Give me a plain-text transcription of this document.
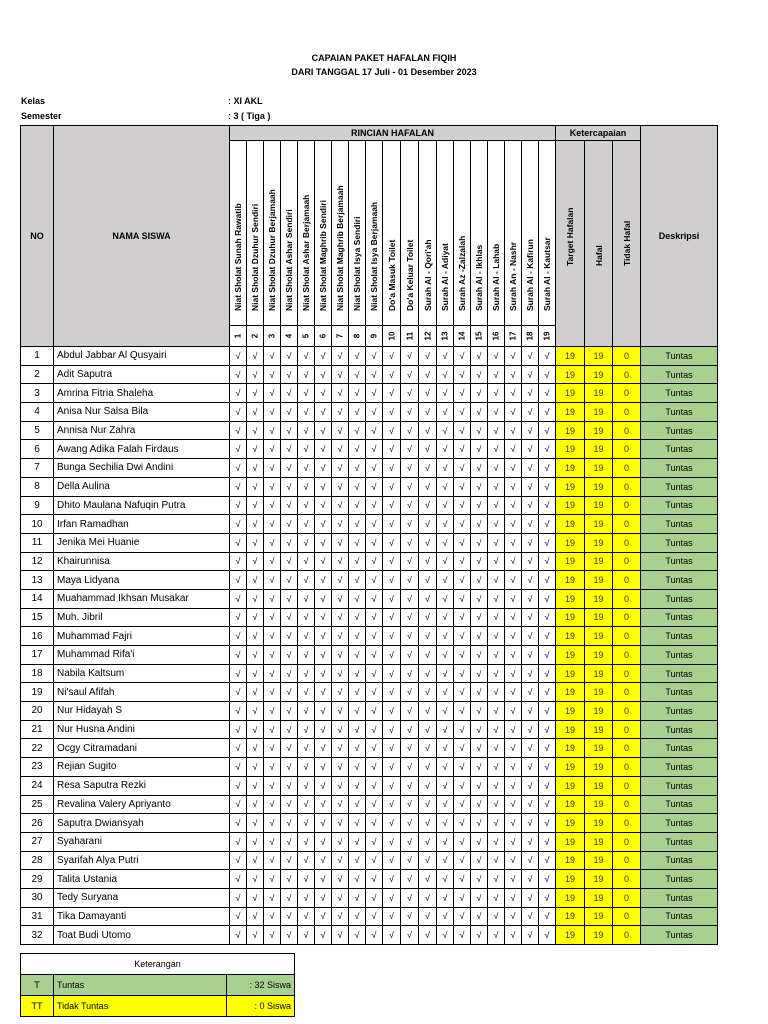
CAPAIAN PAKET HAFALAN FIQIH
DARI TANGGAL 17 Juli - 01 Desember 2023
Kelas	: XI AKL
Semester	: 3 ( Tiga )
NO	NAMA SISWA	RINCIAN HAFALAN																			Ketercapaian			Deskripsi

		Niat Sholat Sunah Rawatib	Niat Sholat Dzuhur Sendiri	Niat Sholat Dzuhur Berjamaah	Niat Sholat Ashar Sendiri	Niat Sholat Ashar Berjamaah	Niat Sholat Maghrib Sendiri	Niat Sholat Maghrib Berjamaah	Niat Sholat Isya Sendiri	Niat Sholat Isya Berjamaah	Do'a Masuk Toilet	Do'a Keluar Toilet	Surah Al - Qori'ah	Surah Al - Adiyat	Surah Az -Zalzalah	Surah Al - Ikhlas	Surah Al - Lahab	Surah An - Nashr	Surah Al - Kafirun	Surah Al - Kautsar	Target Hafalan	Hafal	Tidak Hafal	

		1	2	3	4	5	6	7	8	9	10	11	12	13	14	15	16	17	18	19				

1	Abdul Jabbar Al Qusyairi	√	√	√	√	√	√	√	√	√	√	√	√	√	√	√	√	√	√	√	19	19	0	Tuntas
2	Adit Saputra	√	√	√	√	√	√	√	√	√	√	√	√	√	√	√	√	√	√	√	19	19	0	Tuntas
3	Amrina Fitria Shaleha	√	√	√	√	√	√	√	√	√	√	√	√	√	√	√	√	√	√	√	19	19	0	Tuntas
4	Anisa Nur Salsa Bila	√	√	√	√	√	√	√	√	√	√	√	√	√	√	√	√	√	√	√	19	19	0	Tuntas
5	Annisa Nur Zahra	√	√	√	√	√	√	√	√	√	√	√	√	√	√	√	√	√	√	√	19	19	0	Tuntas
6	Awang Adika Falah Firdaus	√	√	√	√	√	√	√	√	√	√	√	√	√	√	√	√	√	√	√	19	19	0	Tuntas
7	Bunga Sechilia Dwi Andini	√	√	√	√	√	√	√	√	√	√	√	√	√	√	√	√	√	√	√	19	19	0	Tuntas
8	Della Aulina	√	√	√	√	√	√	√	√	√	√	√	√	√	√	√	√	√	√	√	19	19	0	Tuntas
9	Dhito Maulana Nafuqin Putra	√	√	√	√	√	√	√	√	√	√	√	√	√	√	√	√	√	√	√	19	19	0	Tuntas
10	Irfan Ramadhan	√	√	√	√	√	√	√	√	√	√	√	√	√	√	√	√	√	√	√	19	19	0	Tuntas
11	Jenika Mei Huanie	√	√	√	√	√	√	√	√	√	√	√	√	√	√	√	√	√	√	√	19	19	0	Tuntas
12	Khairunnisa	√	√	√	√	√	√	√	√	√	√	√	√	√	√	√	√	√	√	√	19	19	0	Tuntas
13	Maya Lidyana	√	√	√	√	√	√	√	√	√	√	√	√	√	√	√	√	√	√	√	19	19	0	Tuntas
14	Muahammad Ikhsan Musakar	√	√	√	√	√	√	√	√	√	√	√	√	√	√	√	√	√	√	√	19	19	0	Tuntas
15	Muh. Jibril	√	√	√	√	√	√	√	√	√	√	√	√	√	√	√	√	√	√	√	19	19	0	Tuntas
16	Muhammad Fajri	√	√	√	√	√	√	√	√	√	√	√	√	√	√	√	√	√	√	√	19	19	0	Tuntas
17	Muhammad Rifa'i	√	√	√	√	√	√	√	√	√	√	√	√	√	√	√	√	√	√	√	19	19	0	Tuntas
18	Nabila Kaltsum	√	√	√	√	√	√	√	√	√	√	√	√	√	√	√	√	√	√	√	19	19	0	Tuntas
19	Ni'saul Afifah	√	√	√	√	√	√	√	√	√	√	√	√	√	√	√	√	√	√	√	19	19	0	Tuntas
20	Nur Hidayah S	√	√	√	√	√	√	√	√	√	√	√	√	√	√	√	√	√	√	√	19	19	0	Tuntas
21	Nur Husna Andini	√	√	√	√	√	√	√	√	√	√	√	√	√	√	√	√	√	√	√	19	19	0	Tuntas
22	Ocgy Citramadani	√	√	√	√	√	√	√	√	√	√	√	√	√	√	√	√	√	√	√	19	19	0	Tuntas
23	Rejian Sugito	√	√	√	√	√	√	√	√	√	√	√	√	√	√	√	√	√	√	√	19	19	0	Tuntas
24	Resa Saputra Rezki	√	√	√	√	√	√	√	√	√	√	√	√	√	√	√	√	√	√	√	19	19	0	Tuntas
25	Revalina Valery Apriyanto	√	√	√	√	√	√	√	√	√	√	√	√	√	√	√	√	√	√	√	19	19	0	Tuntas
26	Saputra Dwiansyah	√	√	√	√	√	√	√	√	√	√	√	√	√	√	√	√	√	√	√	19	19	0	Tuntas
27	Syaharani	√	√	√	√	√	√	√	√	√	√	√	√	√	√	√	√	√	√	√	19	19	0	Tuntas
28	Syarifah Alya Putri	√	√	√	√	√	√	√	√	√	√	√	√	√	√	√	√	√	√	√	19	19	0	Tuntas
29	Talita Ustania	√	√	√	√	√	√	√	√	√	√	√	√	√	√	√	√	√	√	√	19	19	0	Tuntas
30	Tedy Suryana	√	√	√	√	√	√	√	√	√	√	√	√	√	√	√	√	√	√	√	19	19	0	Tuntas
31	Tika Damayanti	√	√	√	√	√	√	√	√	√	√	√	√	√	√	√	√	√	√	√	19	19	0	Tuntas
32	Toat Budi Utomo	√	√	√	√	√	√	√	√	√	√	√	√	√	√	√	√	√	√	√	19	19	0	Tuntas
Keterangan		
T	Tuntas	: 32 Siswa
TT	Tidak Tuntas	: 0 Siswa
